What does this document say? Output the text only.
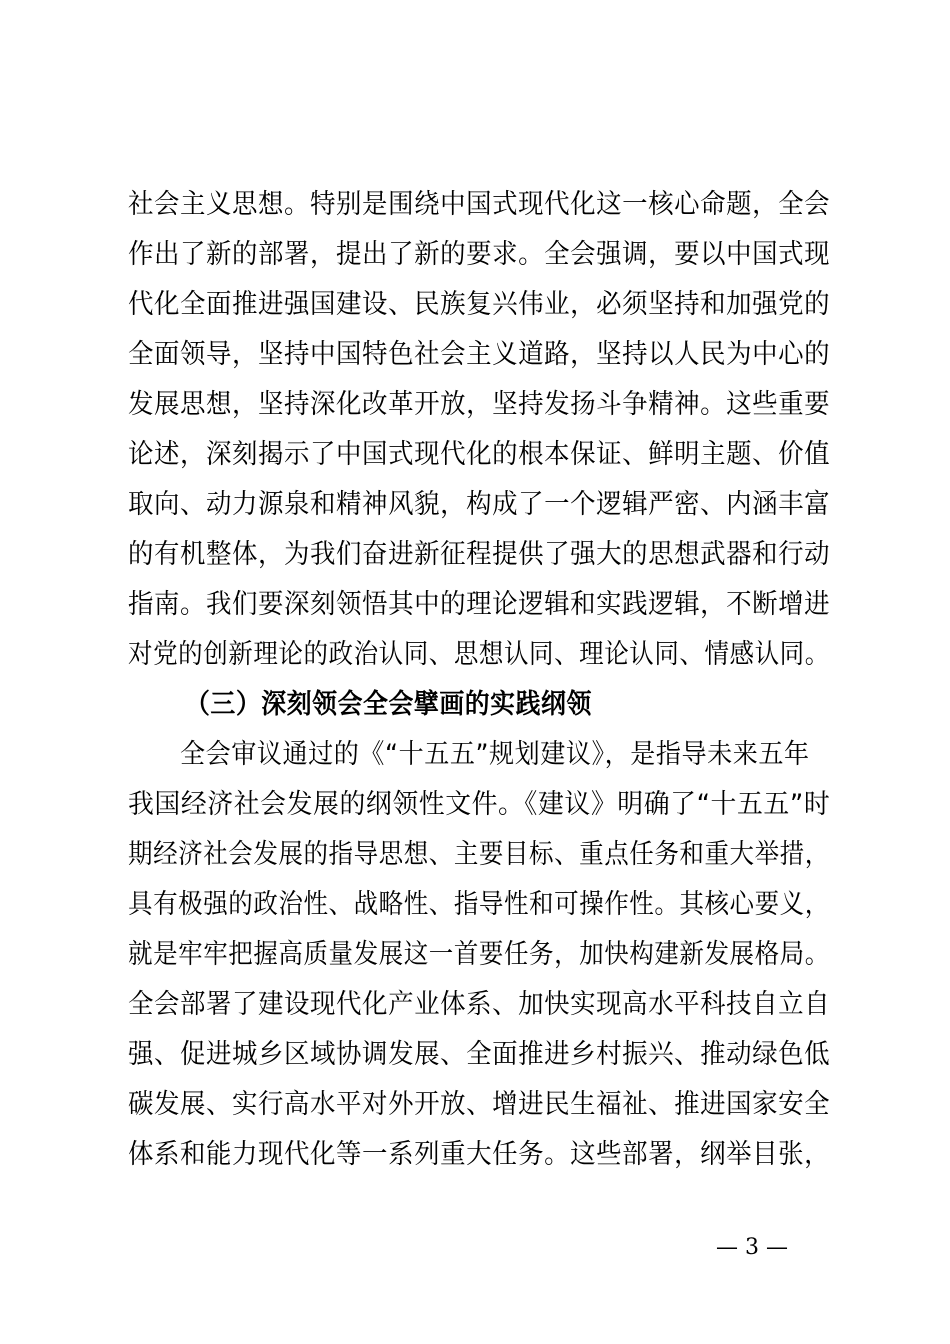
社会主义思想。特别是围绕中国式现代化这一核心命题，全会
作出了新的部署，提出了新的要求。全会强调，要以中国式现
代化全面推进强国建设、民族复兴伟业，必须坚持和加强党的
全面领导，坚持中国特色社会主义道路，坚持以人民为中心的
发展思想，坚持深化改革开放，坚持发扬斗争精神。这些重要
论述，深刻揭示了中国式现代化的根本保证、鲜明主题、价值
取向、动力源泉和精神风貌，构成了一个逻辑严密、内涵丰富
的有机整体，为我们奋进新征程提供了强大的思想武器和行动
指南。我们要深刻领悟其中的理论逻辑和实践逻辑，不断增进
对党的创新理论的政治认同、思想认同、理论认同、情感认同。
（三）深刻领会全会擘画的实践纲领
全会审议通过的《“十五五”规划建议》，是指导未来五年
我国经济社会发展的纲领性文件。《建议》明确了“十五五”时
期经济社会发展的指导思想、主要目标、重点任务和重大举措，
具有极强的政治性、战略性、指导性和可操作性。其核心要义，
就是牢牢把握高质量发展这一首要任务，加快构建新发展格局。
全会部署了建设现代化产业体系、加快实现高水平科技自立自
强、促进城乡区域协调发展、全面推进乡村振兴、推动绿色低
碳发展、实行高水平对外开放、增进民生福祉、推进国家安全
体系和能力现代化等一系列重大任务。这些部署，纲举目张，
— 3 —
